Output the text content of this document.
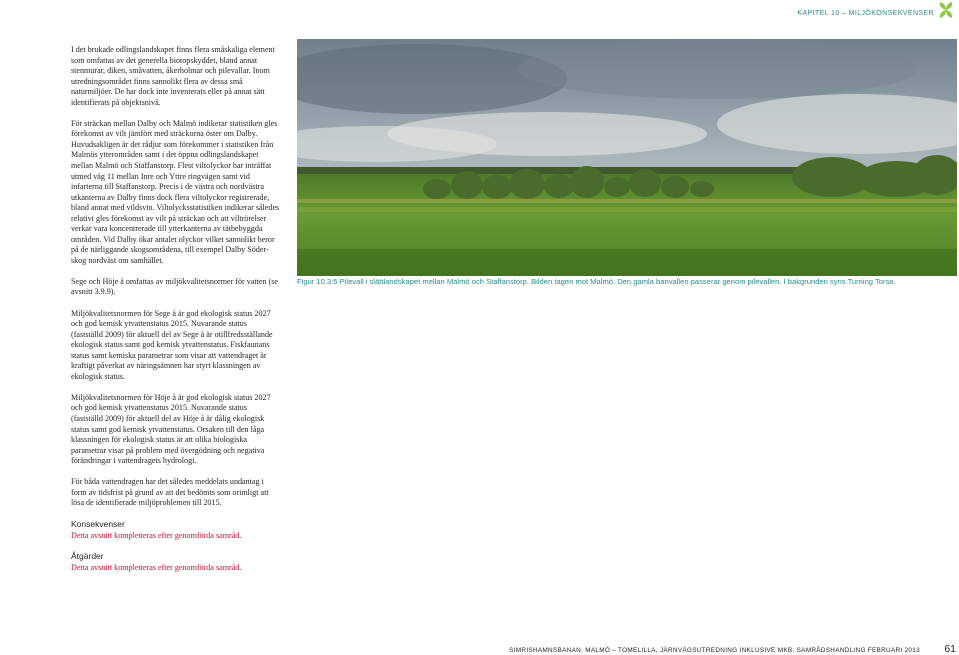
KAPITEL 10 – MILJÖKONSEKVENSER

I det brukade odlingslandskapet finns flera småskaliga element som omfattas av det generella biotopskyddet, bland annat stenmurar, diken, småvatten, åkerholmar och pilevallar. Inom utredningsområdet finns sannolikt flera av dessa små naturmiljöer. De har dock inte inventerats eller på annat sätt identifierats på objektsnivå.

För sträckan mellan Dalby och Malmö indikerar statistiken gles förekomst av vilt jämfört med sträckorna öster om Dalby. Huvudsakligen är det rådjur som förekommer i statistiken från Malmös ytterområden samt i det öppna odlingslandskapet mellan Malmö och Staffanstorp. Flest viltolyckor har inträffat utmed väg 11 mellan Inre och Yttre ringvägen samt vid infarterna till Staffanstorp. Precis i de västra och nordvästra utkanterna av Dalby finns dock flera viltolyckor registrerade, bland annat med vildsvin. Viltolycksstatistiken indikerar således relativt gles förekomst av vilt på sträckan och att viltrörelser verkar vara koncentrerade till ytterkanterna av tätbebyggda områden. Vid Dalby ökar antalet olyckor vilket sannolikt beror på de närliggande skogsområdena, till exempel Dalby Söderskog nordväst om samhället.

Sege och Höje å omfattas av miljökvalitetsnormer för vatten (se avsnitt 3.9.9).

Miljökvalitetsnormen för Sege å är god ekologisk status 2027 och god kemisk ytvattenstatus 2015. Nuvarande status (fastställd 2009) för aktuell del av Sege å är otillfredsställande ekologisk status samt god kemisk ytvattenstatus. Fiskfaunans status samt kemiska parametrar som visar att vattendraget är kraftigt påverkat av näringsämnen har styrt klassningen av ekologisk status.

Miljökvalitetsnormen för Höje å är god ekologisk status 2027 och god kemisk ytvattenstatus 2015. Nuvarande status (fastställd 2009) för aktuell del av Höje å är dålig ekologisk status samt god kemisk ytvattenstatus. Orsaken till den låga klassningen för ekologisk status är att olika biologiska parametrar visar på problem med övergödning och negativa förändringar i vattendragets hydrologi.

För båda vattendragen har det således meddelats undantag i form av tidsfrist på grund av att det bedömts som orimligt att lösa de identifierade miljöproblemen till 2015.

Konsekvenser

Detta avsnitt kompletteras efter genomförda samråd.

Åtgärder

Detta avsnitt kompletteras efter genomförda samråd.

Figur 10.3:5 Pilevall i slättlandskapet mellan Malmö och Staffanstorp. Bilden tagen mot Malmö. Den gamla banvallen passerar genom pilevallen. I bakgrunden syns Turning Torso.
SIMRISHAMNSBANAN, MALMÖ – TOMELILLA, JÄRNVÄGSUTREDNING INKLUSIVE MKB. SAMRÅDSHANDLING FEBRUARI 2013 61
